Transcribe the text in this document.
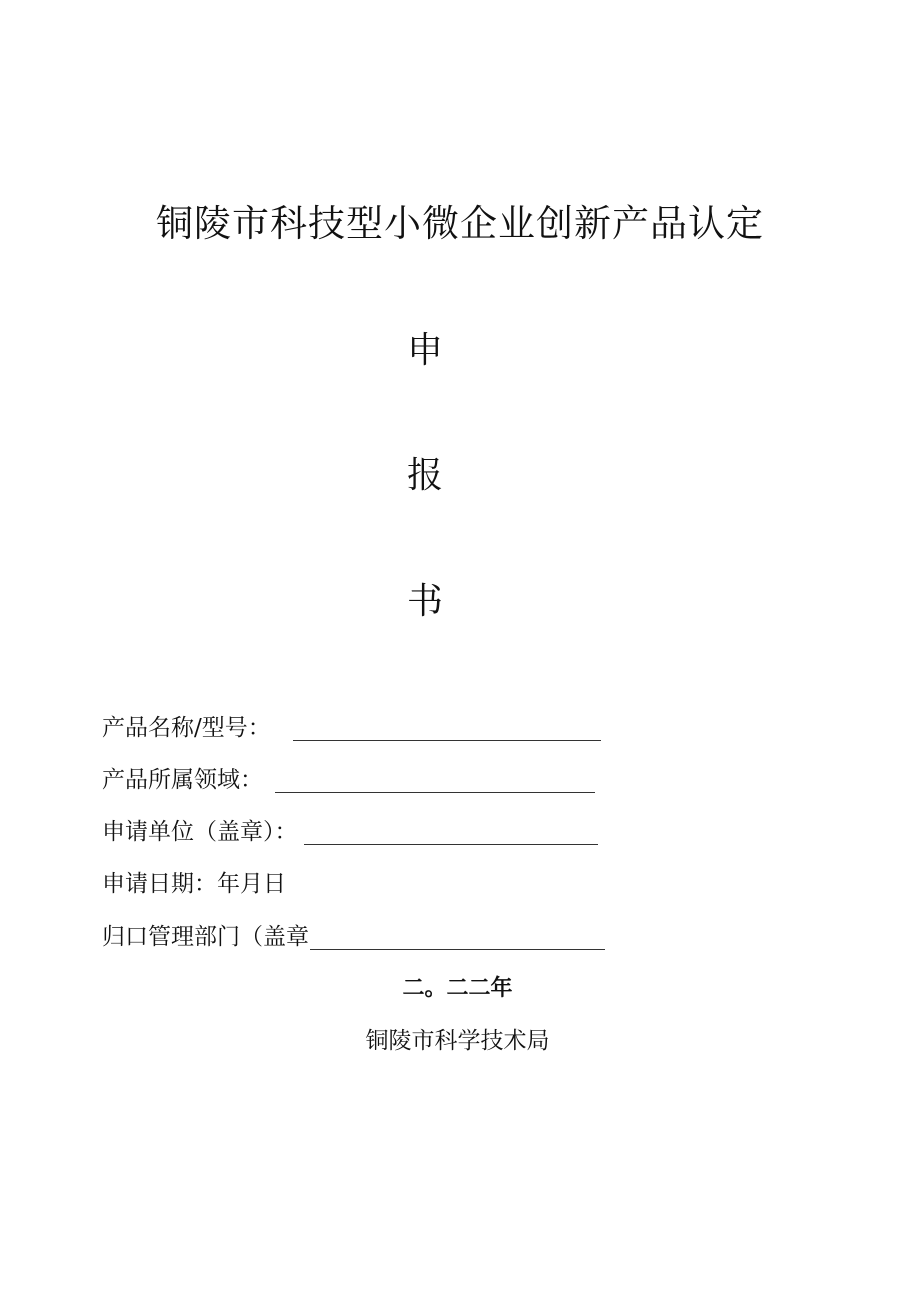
铜陵市科技型小微企业创新产品认定
申
报
书
产品名称/型号：
产品所属领域：
申请单位（盖章）：
申请日期：年月日
归口管理部门（盖章
二。二二年
铜陵市科学技术局
